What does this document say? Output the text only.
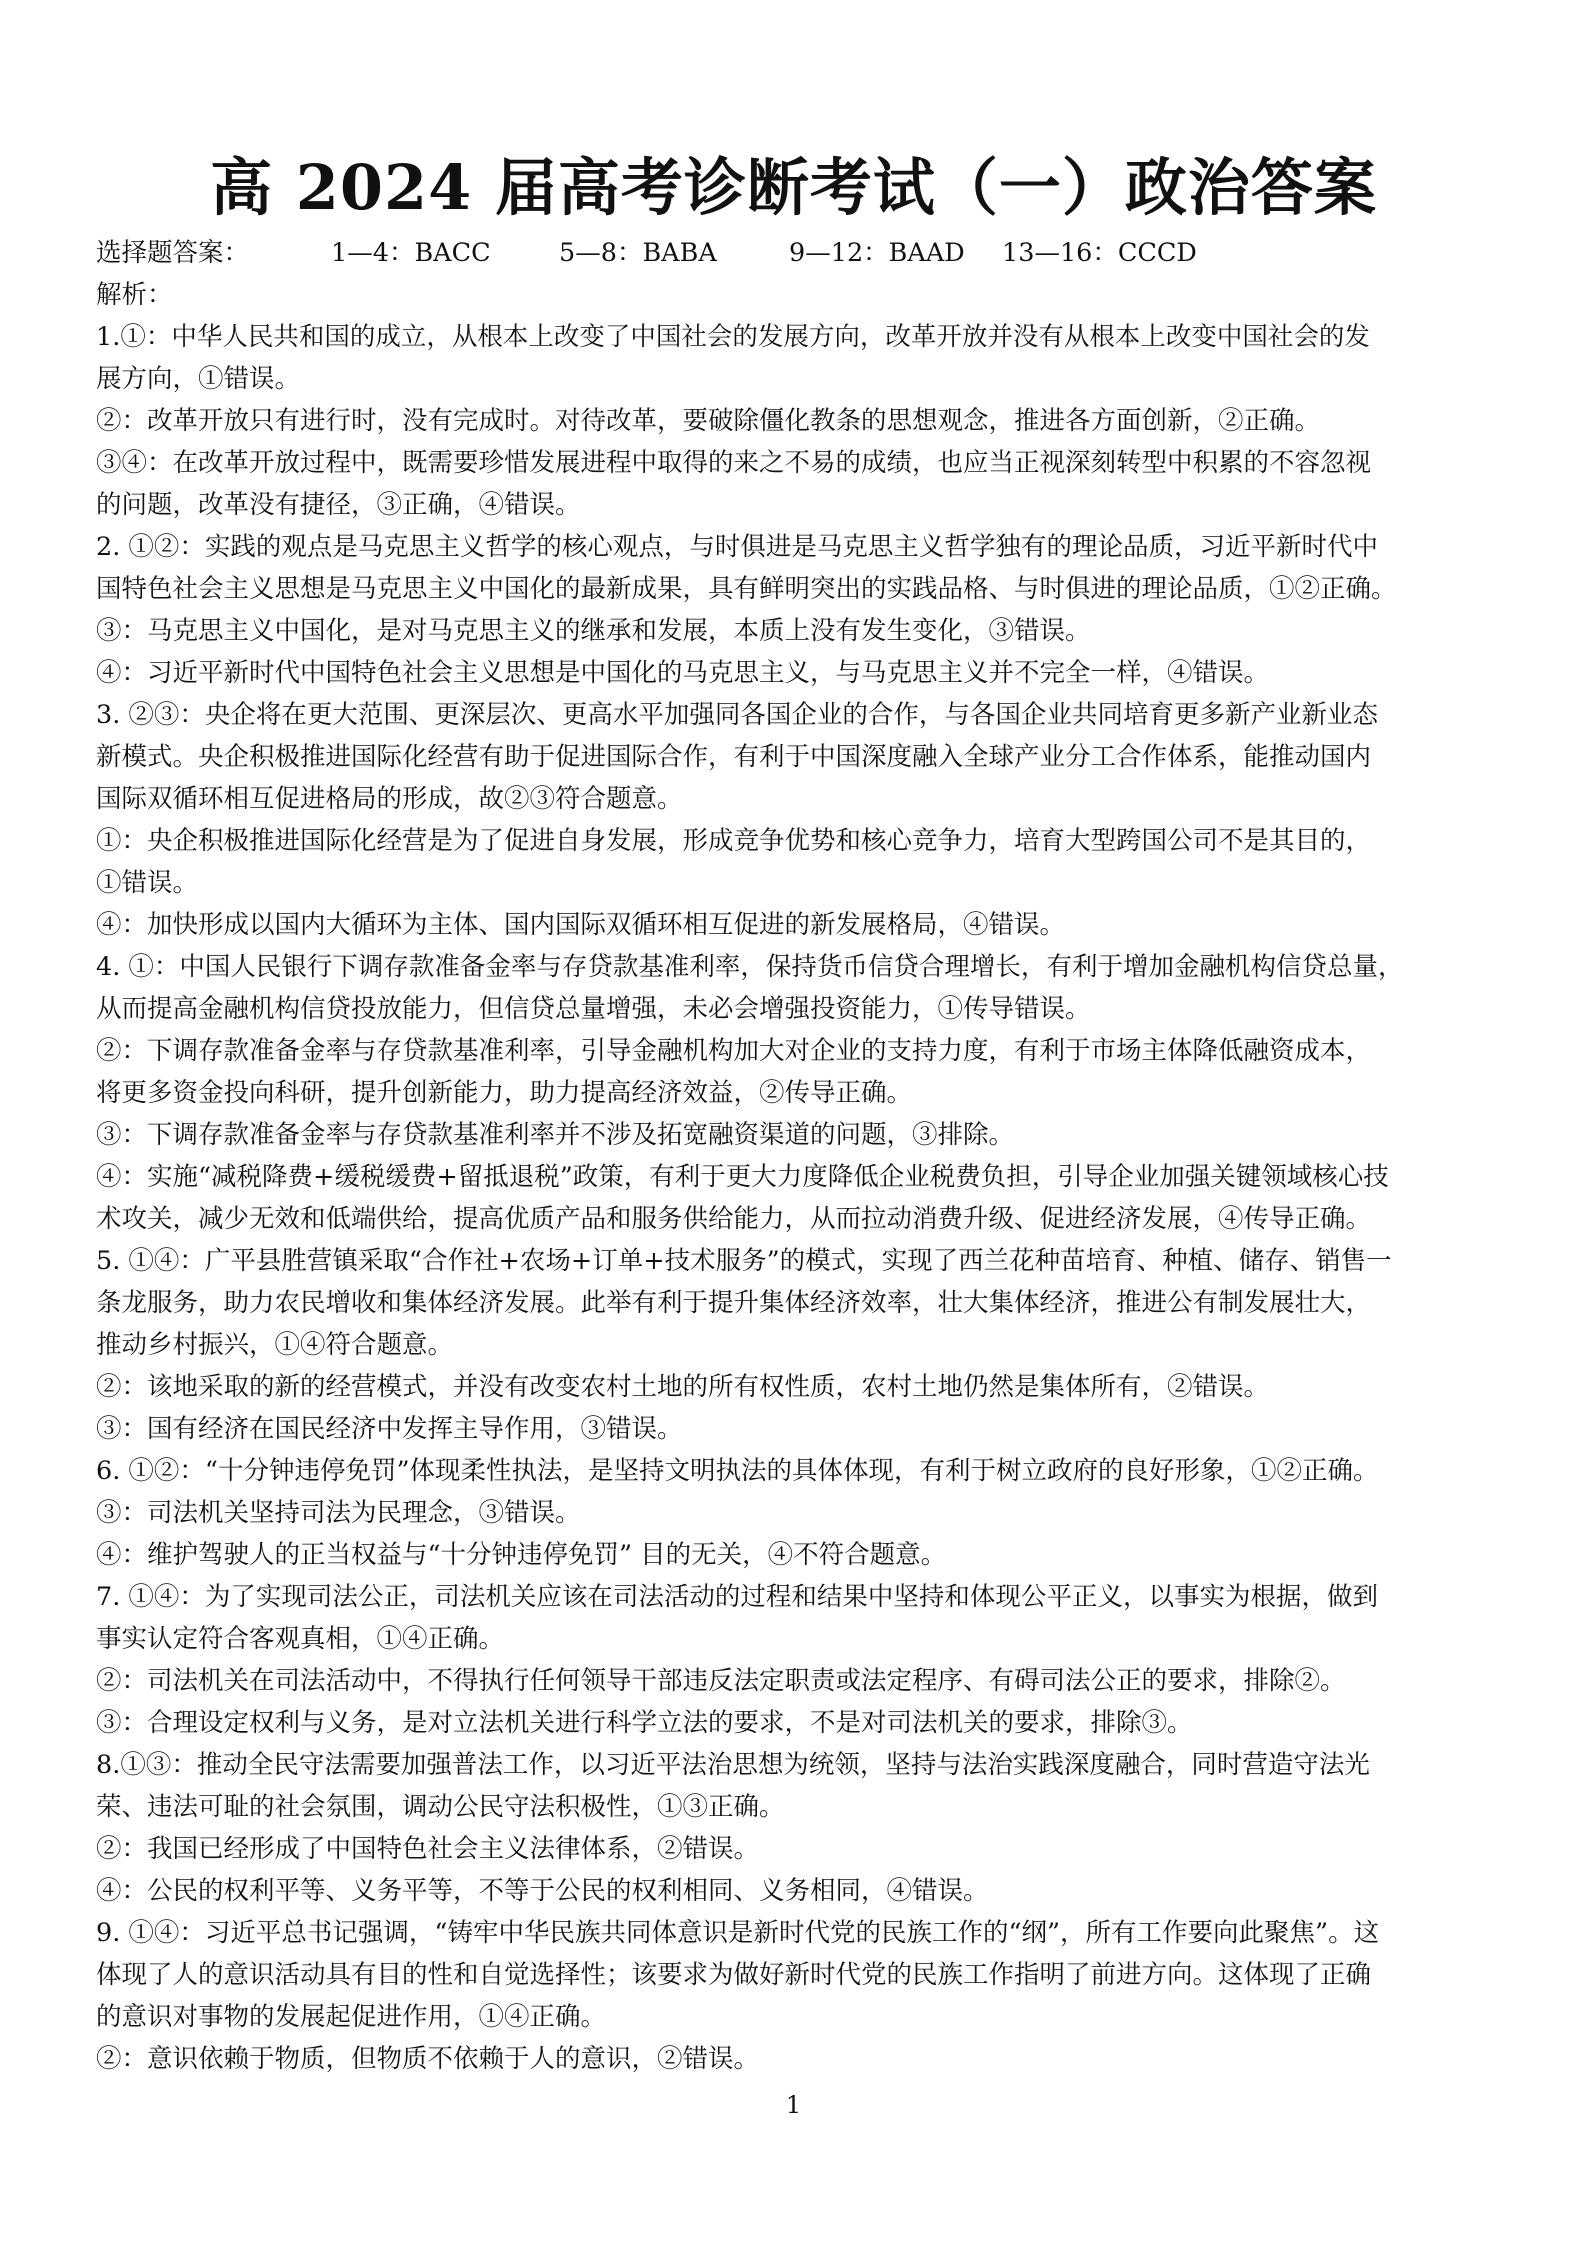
高 2024 届高考诊断考试（一）政治答案
选择题答案：	1—4：BACC	5—8：BABA	9—12：BAAD	13—16：CCCD
解析：
1.①：中华人民共和国的成立，从根本上改变了中国社会的发展方向，改革开放并没有从根本上改变中国社会的发
展方向，①错误。
②：改革开放只有进行时，没有完成时。对待改革，要破除僵化教条的思想观念，推进各方面创新，②正确。
③④：在改革开放过程中，既需要珍惜发展进程中取得的来之不易的成绩，也应当正视深刻转型中积累的不容忽视
的问题，改革没有捷径，③正确，④错误。
2. ①②：实践的观点是马克思主义哲学的核心观点，与时俱进是马克思主义哲学独有的理论品质，习近平新时代中
国特色社会主义思想是马克思主义中国化的最新成果，具有鲜明突出的实践品格、与时俱进的理论品质，①②正确。
③：马克思主义中国化，是对马克思主义的继承和发展，本质上没有发生变化，③错误。
④：习近平新时代中国特色社会主义思想是中国化的马克思主义，与马克思主义并不完全一样，④错误。
3. ②③：央企将在更大范围、更深层次、更高水平加强同各国企业的合作，与各国企业共同培育更多新产业新业态
新模式。央企积极推进国际化经营有助于促进国际合作，有利于中国深度融入全球产业分工合作体系，能推动国内
国际双循环相互促进格局的形成，故②③符合题意。
①：央企积极推进国际化经营是为了促进自身发展，形成竞争优势和核心竞争力，培育大型跨国公司不是其目的，
①错误。
④：加快形成以国内大循环为主体、国内国际双循环相互促进的新发展格局，④错误。
4. ①：中国人民银行下调存款准备金率与存贷款基准利率，保持货币信贷合理增长，有利于增加金融机构信贷总量，
从而提高金融机构信贷投放能力，但信贷总量增强，未必会增强投资能力，①传导错误。
②：下调存款准备金率与存贷款基准利率，引导金融机构加大对企业的支持力度，有利于市场主体降低融资成本，
将更多资金投向科研，提升创新能力，助力提高经济效益，②传导正确。
③：下调存款准备金率与存贷款基准利率并不涉及拓宽融资渠道的问题，③排除。
④：实施“减税降费+缓税缓费+留抵退税”政策，有利于更大力度降低企业税费负担，引导企业加强关键领域核心技
术攻关，减少无效和低端供给，提高优质产品和服务供给能力，从而拉动消费升级、促进经济发展，④传导正确。
5. ①④：广平县胜营镇采取“合作社+农场+订单+技术服务”的模式，实现了西兰花种苗培育、种植、储存、销售一
条龙服务，助力农民增收和集体经济发展。此举有利于提升集体经济效率，壮大集体经济，推进公有制发展壮大，
推动乡村振兴，①④符合题意。
②：该地采取的新的经营模式，并没有改变农村土地的所有权性质，农村土地仍然是集体所有，②错误。
③：国有经济在国民经济中发挥主导作用，③错误。
6. ①②：“十分钟违停免罚”体现柔性执法，是坚持文明执法的具体体现，有利于树立政府的良好形象，①②正确。
③：司法机关坚持司法为民理念，③错误。
④：维护驾驶人的正当权益与“十分钟违停免罚” 目的无关，④不符合题意。
7. ①④：为了实现司法公正，司法机关应该在司法活动的过程和结果中坚持和体现公平正义，以事实为根据，做到
事实认定符合客观真相，①④正确。
②：司法机关在司法活动中，不得执行任何领导干部违反法定职责或法定程序、有碍司法公正的要求，排除②。
③：合理设定权利与义务，是对立法机关进行科学立法的要求，不是对司法机关的要求，排除③。
8.①③：推动全民守法需要加强普法工作，以习近平法治思想为统领，坚持与法治实践深度融合，同时营造守法光
荣、违法可耻的社会氛围，调动公民守法积极性，①③正确。
②：我国已经形成了中国特色社会主义法律体系，②错误。
④：公民的权利平等、义务平等，不等于公民的权利相同、义务相同，④错误。
9. ①④：习近平总书记强调，“铸牢中华民族共同体意识是新时代党的民族工作的“纲”，所有工作要向此聚焦”。这
体现了人的意识活动具有目的性和自觉选择性；该要求为做好新时代党的民族工作指明了前进方向。这体现了正确
的意识对事物的发展起促进作用，①④正确。
②：意识依赖于物质，但物质不依赖于人的意识，②错误。
1
